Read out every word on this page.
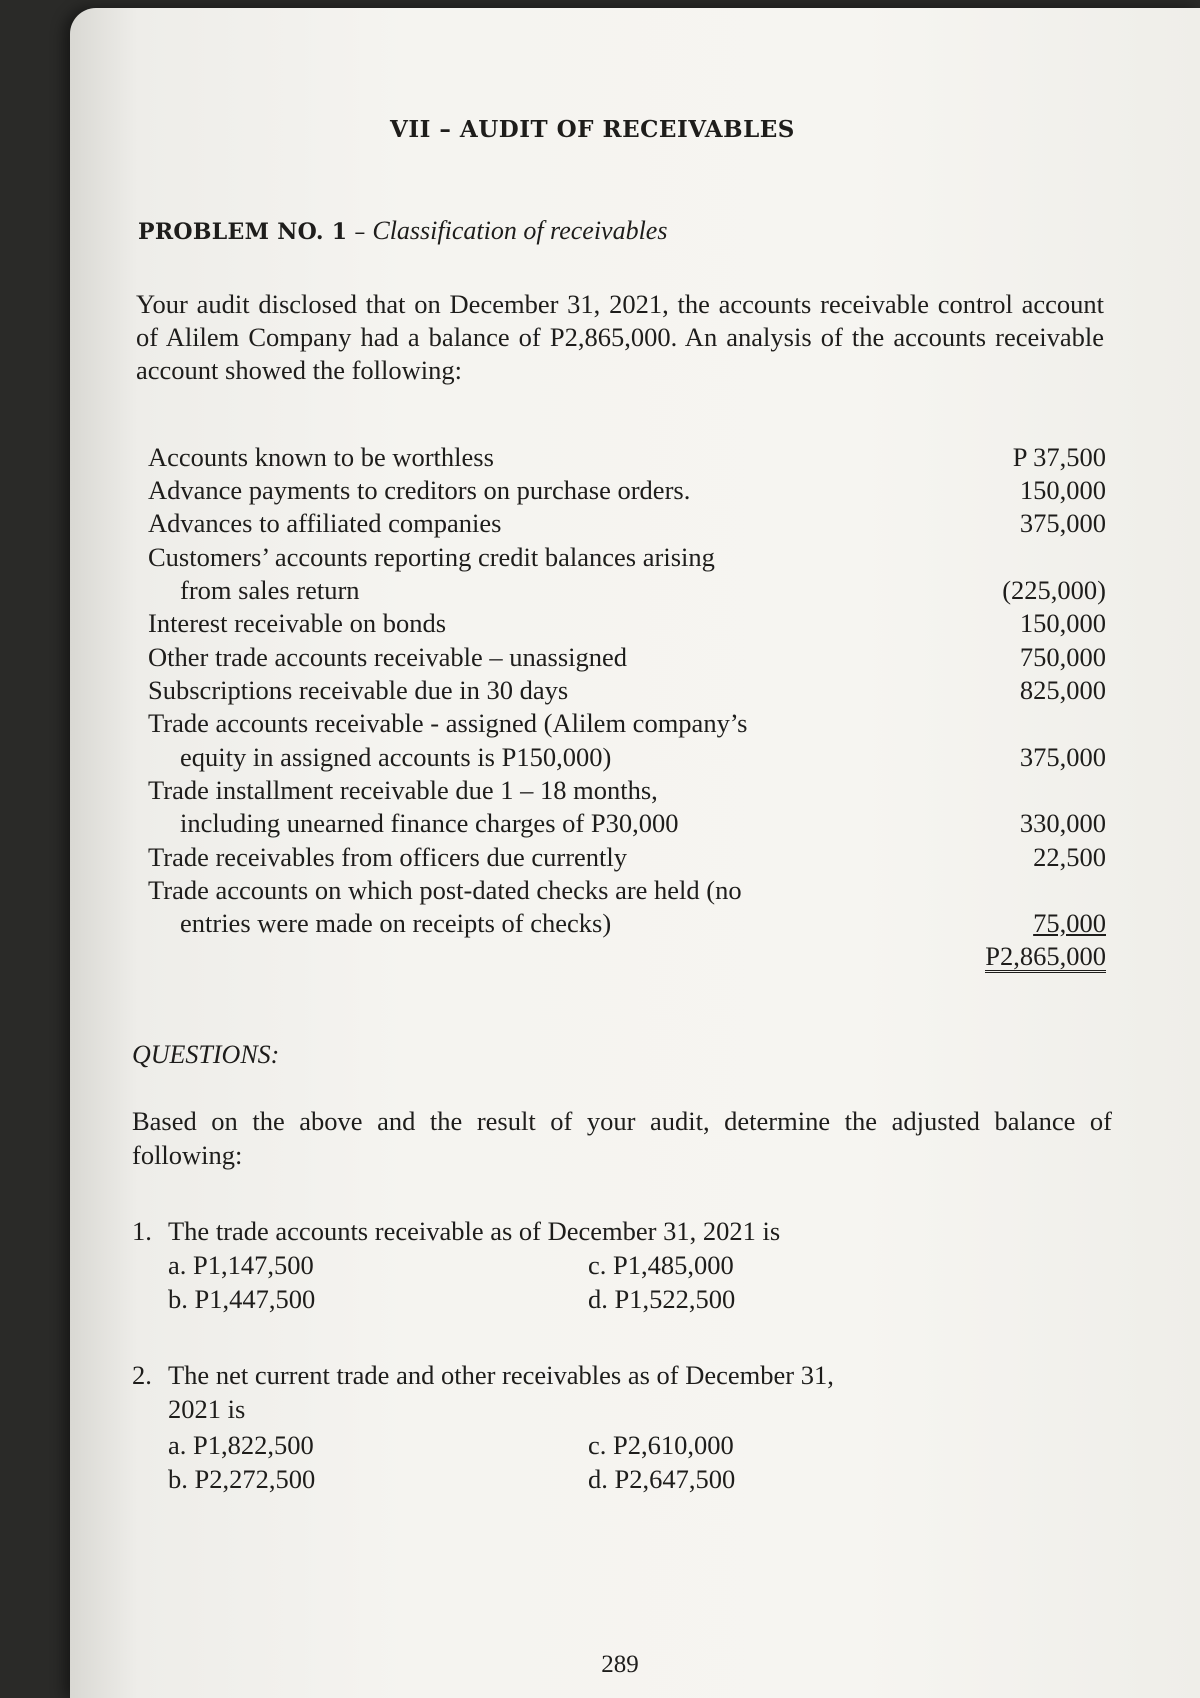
VII – AUDIT OF RECEIVABLES
PROBLEM NO. 1 – Classification of receivables
Your audit disclosed that on December 31, 2021, the accounts receivable control account of Alilem Company had a balance of P2,865,000. An analysis of the accounts receivable account showed the following:
Accounts known to be worthless	P 37,500
Advance payments to creditors on purchase orders.	150,000
Advances to affiliated companies	375,000
Customers’ accounts reporting credit balances arising
from sales return	(225,000)
Interest receivable on bonds	150,000
Other trade accounts receivable – unassigned	750,000
Subscriptions receivable due in 30 days	825,000
Trade accounts receivable - assigned (Alilem company’s
equity in assigned accounts is P150,000)	375,000
Trade installment receivable due 1 – 18 months,
including unearned finance charges of P30,000	330,000
Trade receivables from officers due currently	22,500
Trade accounts on which post-dated checks are held (no
entries were made on receipts of checks)	75,000
P2,865,000
QUESTIONS:
Based on the above and the result of your audit, determine the adjusted balance of following:
1. The trade accounts receivable as of December 31, 2021 is
a. P1,147,500	c. P1,485,000
b. P1,447,500	d. P1,522,500
2. The net current trade and other receivables as of December 31,
2021 is
a. P1,822,500	c. P2,610,000
b. P2,272,500	d. P2,647,500
289
